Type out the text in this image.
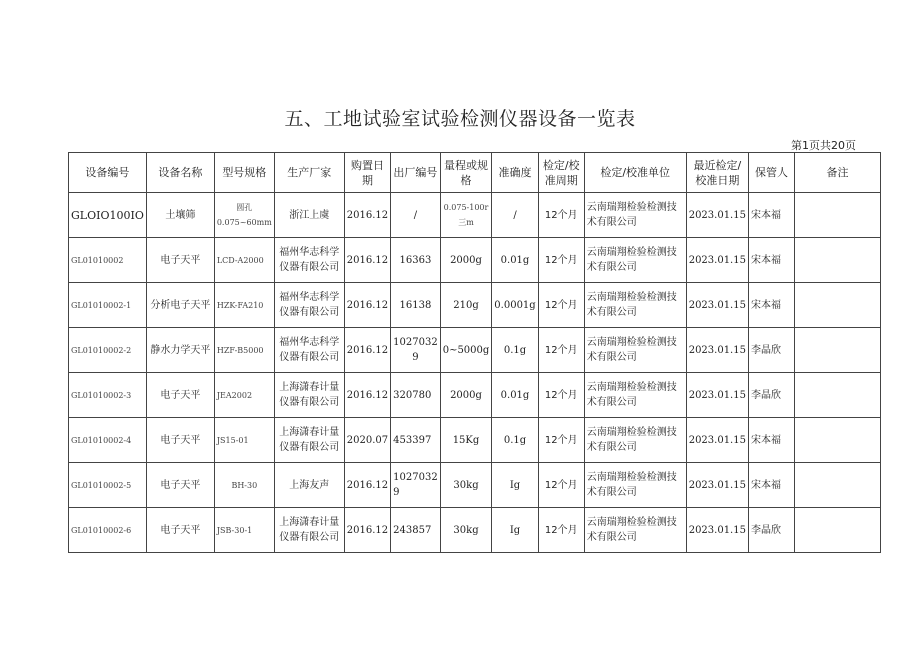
五、工地试验室试验检测仪器设备一览表
第1页共20页
设备编号	设备名称	型号规格	生产厂家	购置日期	出厂编号	量程或规格	准确度	检定/校准周期	检定/校准单位	最近检定/校准日期	保管人	备注
GLOIO100IO	土壤筛	圆孔 0.075~60mm	浙江上虞	2016.12	/	0.075-100r三m	/	12个月	云南瑞翔检验检测技术有限公司	2023.01.15	宋本福	
GL01010002	电子天平	LCD-A2000	福州华志科学仪器有限公司	2016.12	16363	2000g	0.01g	12个月	云南瑞翔检验检测技术有限公司	2023.01.15	宋本福	
GL01010002-1	分析电子天平	HZK-FA210	福州华志科学仪器有限公司	2016.12	16138	210g	0.0001g	12个月	云南瑞翔检验检测技术有限公司	2023.01.15	宋本福	
GL01010002-2	静水力学天平	HZF-B5000	福州华志科学仪器有限公司	2016.12	1027032 9	0~5000g	0.1g	12个月	云南瑞翔检验检测技术有限公司	2023.01.15	李晶欣	
GL01010002-3	电子天平	JEA2002	上海潇春计量仪器有限公司	2016.12	320780	2000g	0.01g	12个月	云南瑞翔检验检测技术有限公司	2023.01.15	李晶欣	
GL01010002-4	电子天平	JS15-01	上海潇春计量仪器有限公司	2020.07	453397	15Kg	0.1g	12个月	云南瑞翔检验检测技术有限公司	2023.01.15	宋本福	
GL01010002-5	电子天平	BH-30	上海友声	2016.12	1027032 9	30kg	Ig	12个月	云南瑞翔检验检测技术有限公司	2023.01.15	宋本福	
GL01010002-6	电子天平	JSB-30-1	上海潇春计量仪器有限公司	2016.12	243857	30kg	Ig	12个月	云南瑞翔检验检测技术有限公司	2023.01.15	李晶欣	
